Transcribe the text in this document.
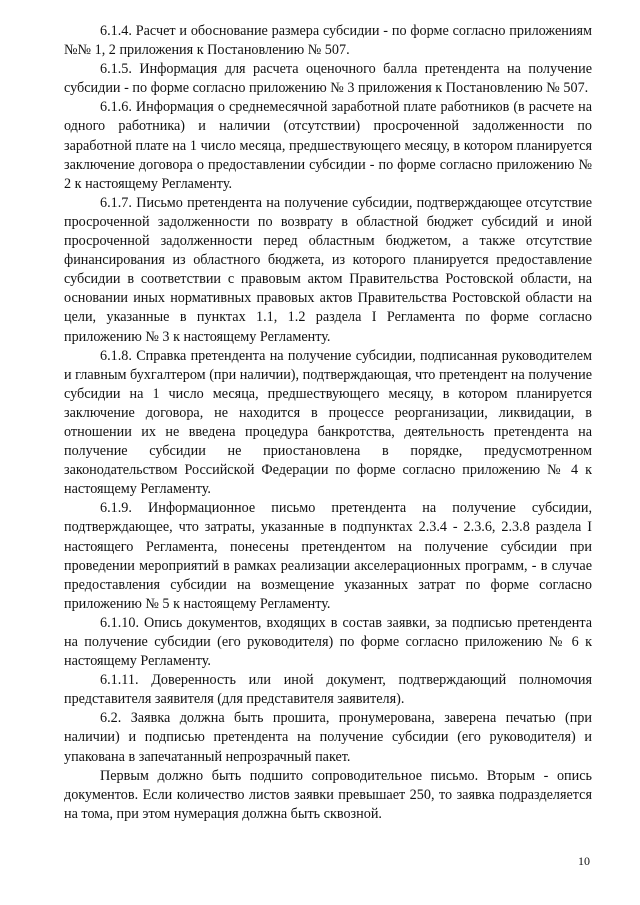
6.1.4. Расчет и обоснование размера субсидии - по форме согласно приложениям №№ 1, 2 приложения к Постановлению № 507.

6.1.5. Информация для расчета оценочного балла претендента на получение субсидии - по форме согласно приложению № 3 приложения к Постановлению № 507.

6.1.6. Информация о среднемесячной заработной плате работников (в расчете на одного работника) и наличии (отсутствии) просроченной задолженности по заработной плате на 1 число месяца, предшествующего месяцу, в котором планируется заключение договора о предоставлении субсидии - по форме согласно приложению № 2 к настоящему Регламенту.

6.1.7. Письмо претендента на получение субсидии, подтверждающее отсутствие просроченной задолженности по возврату в областной бюджет субсидий и иной просроченной задолженности перед областным бюджетом, а также отсутствие финансирования из областного бюджета, из которого планируется предоставление субсидии в соответствии с правовым актом Правительства Ростовской области, на основании иных нормативных правовых актов Правительства Ростовской области на цели, указанные в пунктах 1.1, 1.2 раздела I Регламента по форме согласно приложению № 3 к настоящему Регламенту.

6.1.8. Справка претендента на получение субсидии, подписанная руководителем и главным бухгалтером (при наличии), подтверждающая, что претендент на получение субсидии на 1 число месяца, предшествующего месяцу, в котором планируется заключение договора, не находится в процессе реорганизации, ликвидации, в отношении их не введена процедура банкротства, деятельность претендента на получение субсидии не приостановлена в порядке, предусмотренном законодательством Российской Федерации по форме согласно приложению № 4 к настоящему Регламенту.

6.1.9. Информационное письмо претендента на получение субсидии, подтверждающее, что затраты, указанные в подпунктах 2.3.4 - 2.3.6, 2.3.8 раздела I настоящего Регламента, понесены претендентом на получение субсидии при проведении мероприятий в рамках реализации акселерационных программ, - в случае предоставления субсидии на возмещение указанных затрат по форме согласно приложению № 5 к настоящему Регламенту.

6.1.10. Опись документов, входящих в состав заявки, за подписью претендента на получение субсидии (его руководителя) по форме согласно приложению № 6 к настоящему Регламенту.

6.1.11. Доверенность или иной документ, подтверждающий полномочия представителя заявителя (для представителя заявителя).

6.2. Заявка должна быть прошита, пронумерована, заверена печатью (при наличии) и подписью претендента на получение субсидии (его руководителя) и упакована в запечатанный непрозрачный пакет.

Первым должно быть подшито сопроводительное письмо. Вторым - опись документов. Если количество листов заявки превышает 250, то заявка подразделяется на тома, при этом нумерация должна быть сквозной.

10
